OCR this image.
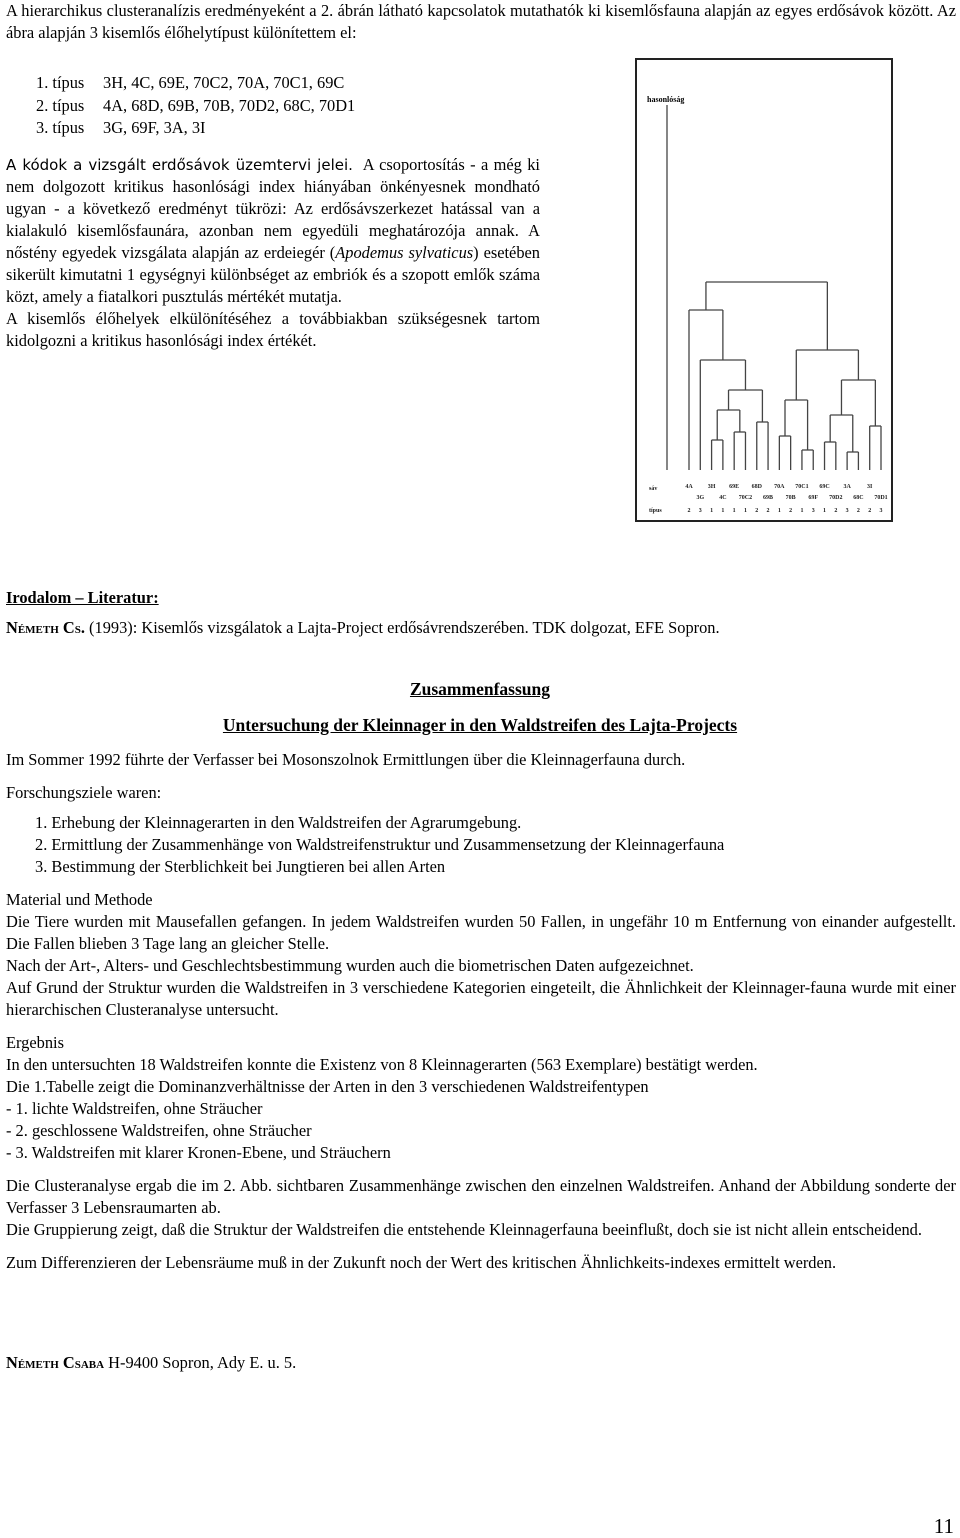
A hierarchikus clusteranalízis eredményeként a 2. ábrán látható kapcsolatok mutathatók ki kisemlősfauna alapján az egyes erdősávok között. Az ábra alapján 3 kisemlős élőhelytípust különítettem el:

1. típus	3H, 4C, 69E, 70C2, 70A, 70C1, 69C
2. típus	4A, 68D, 69B, 70B, 70D2, 68C, 70D1
3. típus	3G, 69F, 3A, 3I

A kódok a vizsgált erdősávok üzemtervi jelei. A csoportosítás - a még ki nem dolgozott kritikus hasonlósági index hiányában önkényesnek mondható ugyan - a következő eredményt tükrözi: Az erdősávszerkezet hatással van a kialakuló kisemlősfaunára, azonban nem egyedüli meghatározója annak. A nőstény egyedek vizsgálata alapján az erdeiegér (Apodemus sylvaticus) esetében sikerült kimutatni 1 egységnyi különbséget az embriók és a szopott emlők száma közt, amely a fiatalkori pusztulás mértékét mutatja.

A kisemlős élőhelyek elkülönítéséhez a továbbiakban szükségesnek tartom kidolgozni a kritikus hasonlósági index értékét.

hasonlóság
sáv
típus
4A
3G
3H
4C
69E
70C2
68D
69B
70A
70B
70C1
69F
69C
70D2
3A
68C
3I
70D1
2 3 1 1 1 1 2 2 1 2 1 3 1 2 3 2 2 3
Irodalom – Literatur:
Németh Cs. (1993): Kisemlős vizsgálatok a Lajta-Project erdősávrendszerében. TDK dolgozat, EFE Sopron.
Zusammenfassung
Untersuchung der Kleinnager in den Waldstreifen des Lajta-Projects

Im Sommer 1992 führte der Verfasser bei Mosonszolnok Ermittlungen über die Kleinnagerfauna durch.

Forschungsziele waren:

1. Erhebung der Kleinnagerarten in den Waldstreifen der Agrarumgebung.

2. Ermittlung der Zusammenhänge von Waldstreifenstruktur und Zusammensetzung der Kleinnagerfauna

3. Bestimmung der Sterblichkeit bei Jungtieren bei allen Arten

Material und Methode

Die Tiere wurden mit Mausefallen gefangen. In jedem Waldstreifen wurden 50 Fallen, in ungefähr 10 m Entfernung von einander aufgestellt. Die Fallen blieben 3 Tage lang an gleicher Stelle.

Nach der Art-, Alters- und Geschlechtsbestimmung wurden auch die biometrischen Daten aufgezeichnet.

Auf Grund der Struktur wurden die Waldstreifen in 3 verschiedene Kategorien eingeteilt, die Ähnlichkeit der Kleinnager-fauna wurde mit einer hierarchischen Clusteranalyse untersucht.

Ergebnis

In den untersuchten 18 Waldstreifen konnte die Existenz von 8 Kleinnagerarten (563 Exemplare) bestätigt werden.

Die 1.Tabelle zeigt die Dominanzverhältnisse der Arten in den 3 verschiedenen Waldstreifentypen

- 1. lichte Waldstreifen, ohne Sträucher

- 2. geschlossene Waldstreifen, ohne Sträucher

- 3. Waldstreifen mit klarer Kronen-Ebene, und Sträuchern

Die Clusteranalyse ergab die im 2. Abb. sichtbaren Zusammenhänge zwischen den einzelnen Waldstreifen. Anhand der Abbildung sonderte der Verfasser 3 Lebensraumarten ab.

Die Gruppierung zeigt, daß die Struktur der Waldstreifen die entstehende Kleinnagerfauna beeinflußt, doch sie ist nicht allein entscheidend.

Zum Differenzieren der Lebensräume muß in der Zukunft noch der Wert des kritischen Ähnlichkeits-indexes ermittelt werden.

Németh Csaba H-9400 Sopron, Ady E. u. 5.
11
